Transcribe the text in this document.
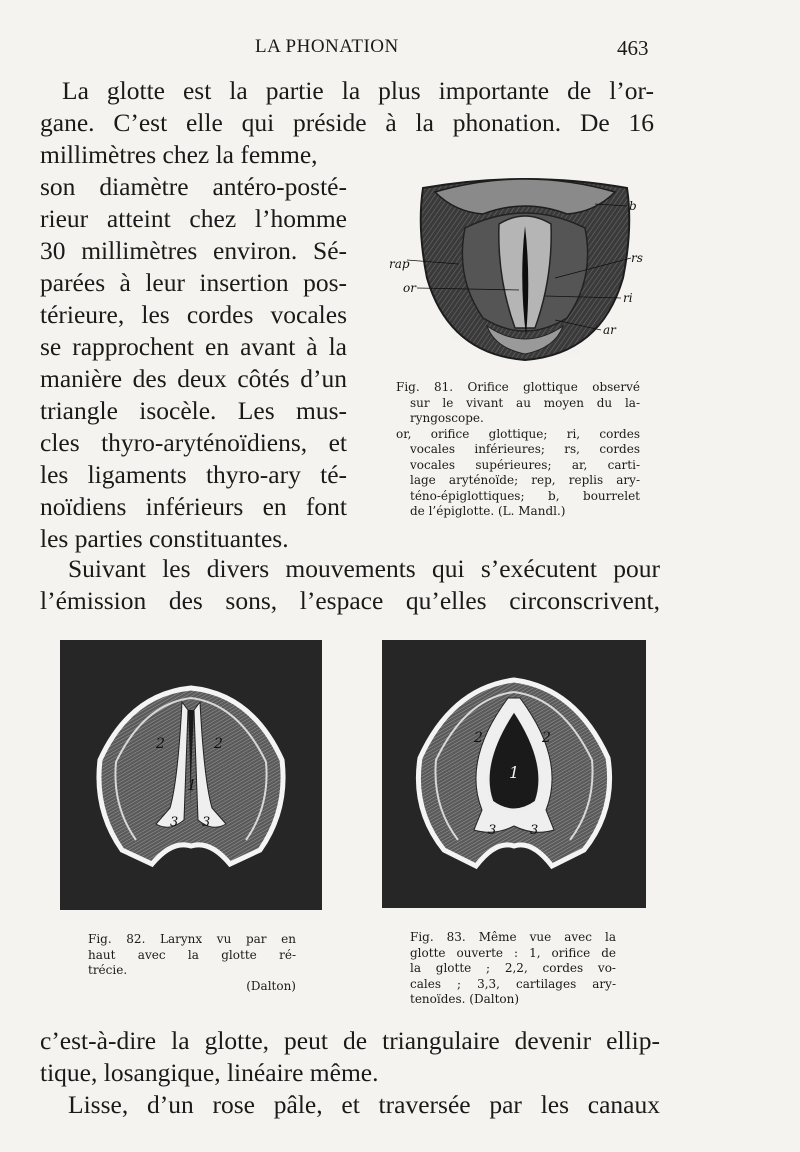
LA PHONATION	463
La glotte est la partie la plus importante de l’or-
gane. C’est elle qui préside à la phonation. De 16
millimètres chez la femme,
son diamètre antéro-posté-
rieur atteint chez l’homme
30 millimètres environ. Sé-
parées à leur insertion pos-
térieure, les cordes vocales
se rapprochent en avant à la
manière des deux côtés d’un
triangle isocèle. Les mus-
cles thyro-aryténoïdiens, et
les ligaments thyro-ary té-
noïdiens inférieurs en font
les parties constituantes.
b
rap	rs
or
ri
ar
lev
es
Fig. 81. Orifice glottique observé
sur le vivant au moyen du la-
ryngoscope.
or, orifice glottique; ri, cordes
vocales inférieures; rs, cordes
vocales supérieures; ar, carti-
lage aryténoïde; rep, replis ary-
téno-épiglottiques; b, bourrelet
de l’épiglotte. (L. Mandl.)
Suivant les divers mouvements qui s’exécutent pour
l’émission des sons, l’espace qu’elles circonscrivent,
2	2
1
3 3
2	2
1
3	3
Fig. 82. Larynx vu par en
haut avec la glotte ré-
trécie.
(Dalton)
Fig. 83. Même vue avec la
glotte ouverte : 1, orifice de
la glotte ; 2,2, cordes vo-
cales ; 3,3, cartilages ary-
tenoïdes. (Dalton)
c’est-à-dire la glotte, peut de triangulaire devenir ellip-
tique, losangique, linéaire même.
Lisse, d’un rose pâle, et traversée par les canaux
